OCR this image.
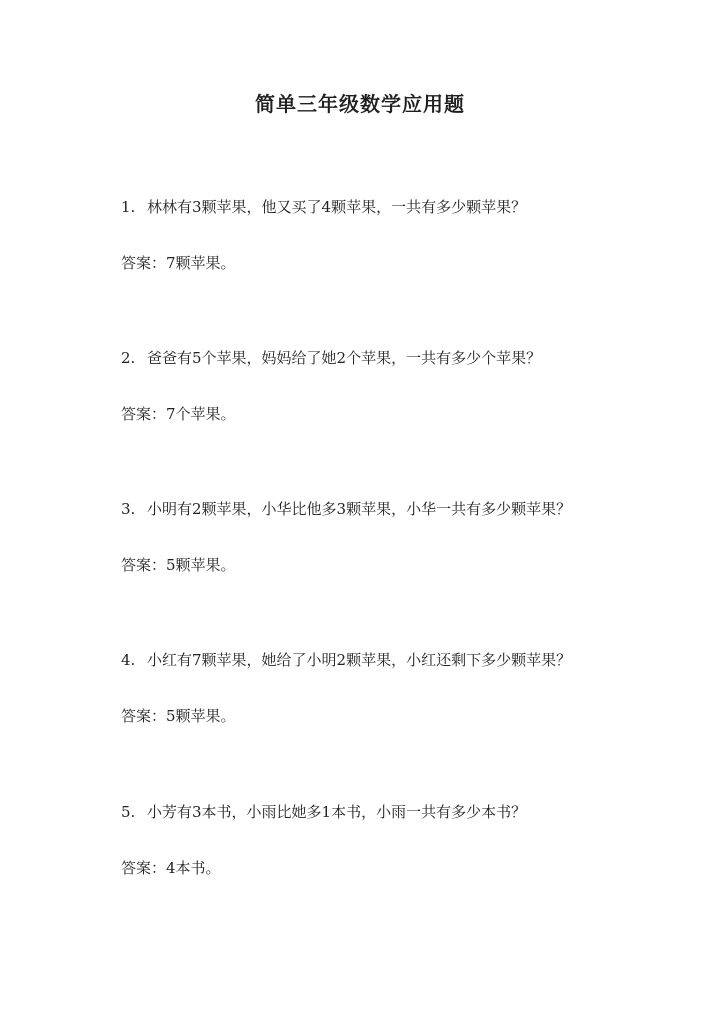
简单三年级数学应用题
1. 林林有3颗苹果，他又买了4颗苹果，一共有多少颗苹果？
答案：7颗苹果。
2. 爸爸有5个苹果，妈妈给了她2个苹果，一共有多少个苹果？
答案：7个苹果。
3. 小明有2颗苹果，小华比他多3颗苹果，小华一共有多少颗苹果？
答案：5颗苹果。
4. 小红有7颗苹果，她给了小明2颗苹果，小红还剩下多少颗苹果？
答案：5颗苹果。
5. 小芳有3本书，小雨比她多1本书，小雨一共有多少本书？
答案：4本书。
